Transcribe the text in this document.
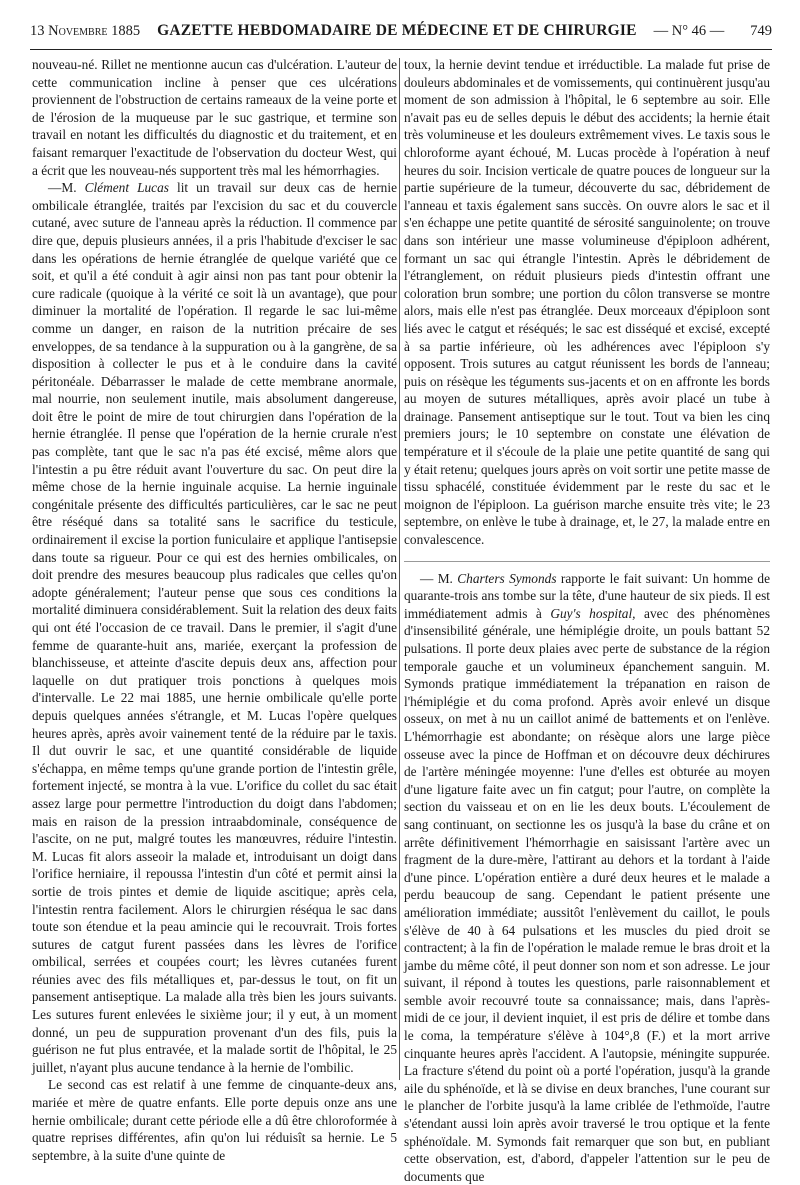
13 Novembre 1885 GAZETTE HEBDOMADAIRE DE MÉDECINE ET DE CHIRURGIE — N° 46 — 749

nouveau-né. Rillet ne mentionne aucun cas d'ulcération. L'auteur de cette communication incline à penser que ces ulcérations proviennent de l'obstruction de certains rameaux de la veine porte et de l'érosion de la muqueuse par le suc gastrique, et termine son travail en notant les difficultés du diagnostic et du traitement, et en faisant remarquer l'exactitude de l'observation du docteur West, qui a écrit que les nouveau-nés supportent très mal les hémorrhagies.

—M. Clément Lucas lit un travail sur deux cas de hernie ombilicale étranglée, traités par l'excision du sac et du couvercle cutané, avec suture de l'anneau après la réduction. Il commence par dire que, depuis plusieurs années, il a pris l'habitude d'exciser le sac dans les opérations de hernie étranglée de quelque variété que ce soit, et qu'il a été conduit à agir ainsi non pas tant pour obtenir la cure radicale (quoique à la vérité ce soit là un avantage), que pour diminuer la mortalité de l'opération. Il regarde le sac lui-même comme un danger, en raison de la nutrition précaire de ses enveloppes, de sa tendance à la suppuration ou à la gangrène, de sa disposition à collecter le pus et à le conduire dans la cavité péritonéale. Débarrasser le malade de cette membrane anormale, mal nourrie, non seulement inutile, mais absolument dangereuse, doit être le point de mire de tout chirurgien dans l'opération de la hernie étranglée. Il pense que l'opération de la hernie crurale n'est pas complète, tant que le sac n'a pas été excisé, même alors que l'intestin a pu être réduit avant l'ouverture du sac. On peut dire la même chose de la hernie inguinale acquise. La hernie inguinale congénitale présente des difficultés particulières, car le sac ne peut être réséqué dans sa totalité sans le sacrifice du testicule, ordinairement il excise la portion funiculaire et applique l'antisepsie dans toute sa rigueur. Pour ce qui est des hernies ombilicales, on doit prendre des mesures beaucoup plus radicales que celles qu'on adopte généralement; l'auteur pense que sous ces conditions la mortalité diminuera considérablement. Suit la relation des deux faits qui ont été l'occasion de ce travail. Dans le premier, il s'agit d'une femme de quarante-huit ans, mariée, exerçant la profession de blanchisseuse, et atteinte d'ascite depuis deux ans, affection pour laquelle on dut pratiquer trois ponctions à quelques mois d'intervalle. Le 22 mai 1885, une hernie ombilicale qu'elle porte depuis quelques années s'étrangle, et M. Lucas l'opère quelques heures après, après avoir vainement tenté de la réduire par le taxis. Il dut ouvrir le sac, et une quantité considérable de liquide s'échappa, en même temps qu'une grande portion de l'intestin grêle, fortement injecté, se montra à la vue. L'orifice du collet du sac était assez large pour permettre l'introduction du doigt dans l'abdomen; mais en raison de la pression intraabdominale, conséquence de l'ascite, on ne put, malgré toutes les manœuvres, réduire l'intestin. M. Lucas fit alors asseoir la malade et, introduisant un doigt dans l'orifice herniaire, il repoussa l'intestin d'un côté et permit ainsi la sortie de trois pintes et demie de liquide ascitique; après cela, l'intestin rentra facilement. Alors le chirurgien réséqua le sac dans toute son étendue et la peau amincie qui le recouvrait. Trois fortes sutures de catgut furent passées dans les lèvres de l'orifice ombilical, serrées et coupées court; les lèvres cutanées furent réunies avec des fils métalliques et, par-dessus le tout, on fit un pansement antiseptique. La malade alla très bien les jours suivants. Les sutures furent enlevées le sixième jour; il y eut, à un moment donné, un peu de suppuration provenant d'un des fils, puis la guérison ne fut plus entravée, et la malade sortit de l'hôpital, le 25 juillet, n'ayant plus aucune tendance à la hernie de l'ombilic.

Le second cas est relatif à une femme de cinquante-deux ans, mariée et mère de quatre enfants. Elle porte depuis onze ans une hernie ombilicale; durant cette période elle a dû être chloroformée à quatre reprises différentes, afin qu'on lui réduisît sa hernie. Le 5 septembre, à la suite d'une quinte de

toux, la hernie devint tendue et irréductible. La malade fut prise de douleurs abdominales et de vomissements, qui continuèrent jusqu'au moment de son admission à l'hôpital, le 6 septembre au soir. Elle n'avait pas eu de selles depuis le début des accidents; la hernie était très volumineuse et les douleurs extrêmement vives. Le taxis sous le chloroforme ayant échoué, M. Lucas procède à l'opération à neuf heures du soir. Incision verticale de quatre pouces de longueur sur la partie supérieure de la tumeur, découverte du sac, débridement de l'anneau et taxis également sans succès. On ouvre alors le sac et il s'en échappe une petite quantité de sérosité sanguinolente; on trouve dans son intérieur une masse volumineuse d'épiploon adhérent, formant un sac qui étrangle l'intestin. Après le débridement de l'étranglement, on réduit plusieurs pieds d'intestin offrant une coloration brun sombre; une portion du côlon transverse se montre alors, mais elle n'est pas étranglée. Deux morceaux d'épiploon sont liés avec le catgut et réséqués; le sac est disséqué et excisé, excepté à sa partie inférieure, où les adhérences avec l'épiploon s'y opposent. Trois sutures au catgut réunissent les bords de l'anneau; puis on résèque les téguments sus-jacents et on en affronte les bords au moyen de sutures métalliques, après avoir placé un tube à drainage. Pansement antiseptique sur le tout. Tout va bien les cinq premiers jours; le 10 septembre on constate une élévation de température et il s'écoule de la plaie une petite quantité de sang qui y était retenu; quelques jours après on voit sortir une petite masse de tissu sphacélé, constituée évidemment par le reste du sac et le moignon de l'épiploon. La guérison marche ensuite très vite; le 23 septembre, on enlève le tube à drainage, et, le 27, la malade entre en convalescence.

— M. Charters Symonds rapporte le fait suivant: Un homme de quarante-trois ans tombe sur la tête, d'une hauteur de six pieds. Il est immédiatement admis à Guy's hospital, avec des phénomènes d'insensibilité générale, une hémiplégie droite, un pouls battant 52 pulsations. Il porte deux plaies avec perte de substance de la région temporale gauche et un volumineux épanchement sanguin. M. Symonds pratique immédiatement la trépanation en raison de l'hémiplégie et du coma profond. Après avoir enlevé un disque osseux, on met à nu un caillot animé de battements et on l'enlève. L'hémorrhagie est abondante; on résèque alors une large pièce osseuse avec la pince de Hoffman et on découvre deux déchirures de l'artère méningée moyenne: l'une d'elles est obturée au moyen d'une ligature faite avec un fin catgut; pour l'autre, on complète la section du vaisseau et on en lie les deux bouts. L'écoulement de sang continuant, on sectionne les os jusqu'à la base du crâne et on arrête définitivement l'hémorrhagie en saisissant l'artère avec un fragment de la dure-mère, l'attirant au dehors et la tordant à l'aide d'une pince. L'opération entière a duré deux heures et le malade a perdu beaucoup de sang. Cependant le patient présente une amélioration immédiate; aussitôt l'enlèvement du caillot, le pouls s'élève de 40 à 64 pulsations et les muscles du pied droit se contractent; à la fin de l'opération le malade remue le bras droit et la jambe du même côté, il peut donner son nom et son adresse. Le jour suivant, il répond à toutes les questions, parle raisonnablement et semble avoir recouvré toute sa connaissance; mais, dans l'après-midi de ce jour, il devient inquiet, il est pris de délire et tombe dans le coma, la température s'élève à 104°,8 (F.) et la mort arrive cinquante heures après l'accident. A l'autopsie, méningite suppurée. La fracture s'étend du point où a porté l'opération, jusqu'à la grande aile du sphénoïde, et là se divise en deux branches, l'une courant sur le plancher de l'orbite jusqu'à la lame criblée de l'ethmoïde, l'autre s'étendant aussi loin après avoir traversé le trou optique et la fente sphénoïdale. M. Symonds fait remarquer que son but, en publiant cette observation, est, d'abord, d'appeler l'attention sur le peu de documents que
